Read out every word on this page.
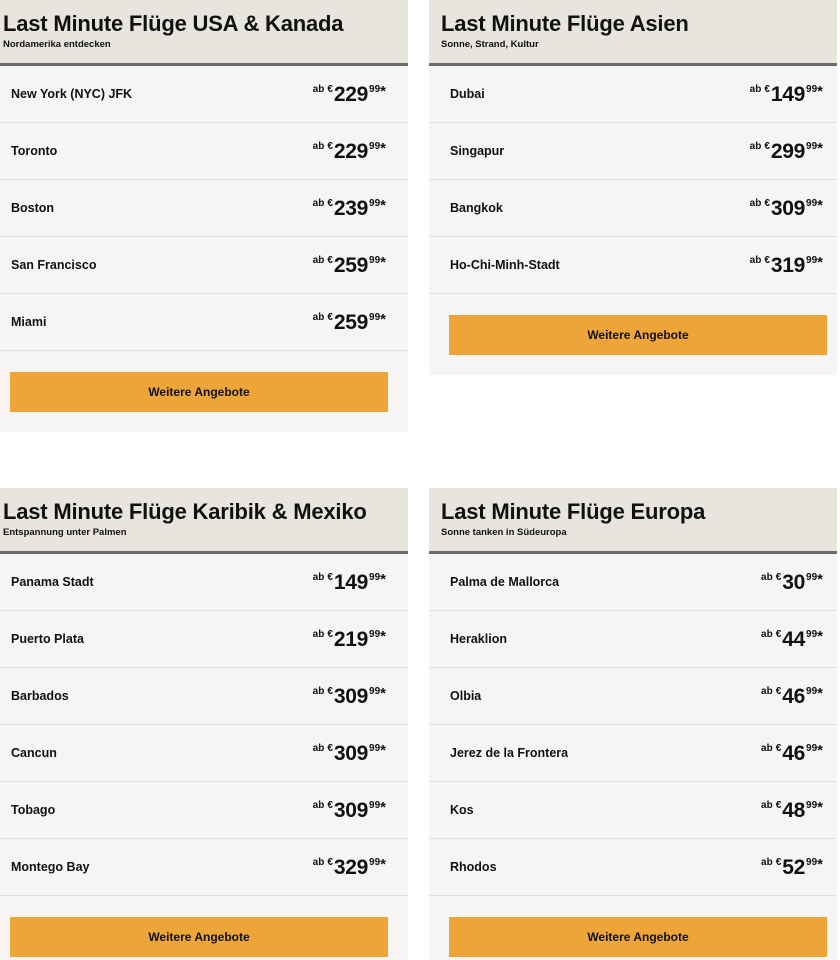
Last Minute Flüge USA & Kanada
Nordamerika entdecken
New York (NYC) JFK	ab € 229 99 *
Toronto	ab € 229 99 *
Boston	ab € 239 99 *
San Francisco	ab € 259 99 *
Miami	ab € 259 99 *
Weitere Angebote
Last Minute Flüge Asien
Sonne, Strand, Kultur
Dubai	ab € 149 99 *
Singapur	ab € 299 99 *
Bangkok	ab € 309 99 *
Ho-Chi-Minh-Stadt	ab € 319 99 *
Weitere Angebote
Last Minute Flüge Karibik & Mexiko
Entspannung unter Palmen
Panama Stadt	ab € 149 99 *
Puerto Plata	ab € 219 99 *
Barbados	ab € 309 99 *
Cancun	ab € 309 99 *
Tobago	ab € 309 99 *
Montego Bay	ab € 329 99 *
Weitere Angebote
Last Minute Flüge Europa
Sonne tanken in Südeuropa
Palma de Mallorca	ab € 30 99 *
Heraklion	ab € 44 99 *
Olbia	ab € 46 99 *
Jerez de la Frontera	ab € 46 99 *
Kos	ab € 48 99 *
Rhodos	ab € 52 99 *
Weitere Angebote
